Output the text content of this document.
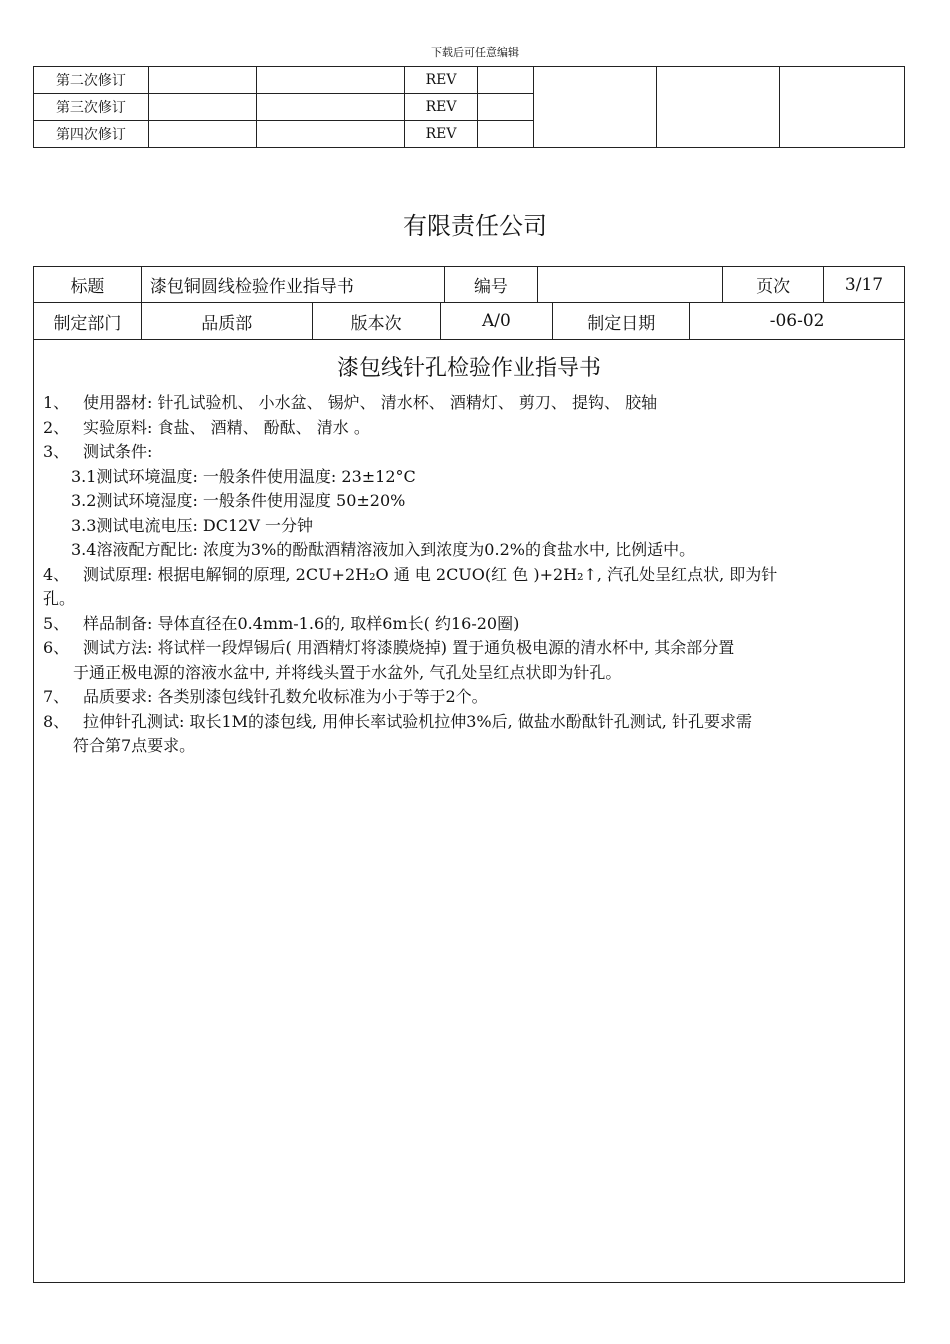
下载后可任意编辑
第二次修订			REV				
第三次修订			REV				
第四次修订			REV				
有限责任公司
标题	漆包铜圆线检验作业指导书	编号		页次	3/17
制定部门	品质部	版本次	A/0	制定日期	-06-02
漆包线针孔检验作业指导书
1、 使用器材: 针孔试验机、 小水盆、 锡炉、 清水杯、 酒精灯、 剪刀、 提钩、 胶轴
2、 实验原料: 食盐、 酒精、 酚酞、 清水 。
3、 测试条件:
3.1测试环境温度: 一般条件使用温度: 23±12°C
3.2测试环境湿度: 一般条件使用湿度 50±20%
3.3测试电流电压: DC12V 一分钟
3.4溶液配方配比: 浓度为3%的酚酞酒精溶液加入到浓度为0.2%的食盐水中, 比例适中。
4、 测试原理: 根据电解铜的原理, 2CU+2H₂O 通 电 2CUO(红 色 )+2H₂↑, 汽孔处呈红点状, 即为针
孔。
5、 样品制备: 导体直径在0.4mm-1.6的, 取样6m长( 约16-20圈)
6、 测试方法: 将试样一段焊锡后( 用酒精灯将漆膜烧掉) 置于通负极电源的清水杯中, 其余部分置
于通正极电源的溶液水盆中, 并将线头置于水盆外, 气孔处呈红点状即为针孔。
7、 品质要求: 各类别漆包线针孔数允收标准为小于等于2个。
8、 拉伸针孔测试: 取长1M的漆包线, 用伸长率试验机拉伸3%后, 做盐水酚酞针孔测试, 针孔要求需
符合第7点要求。
